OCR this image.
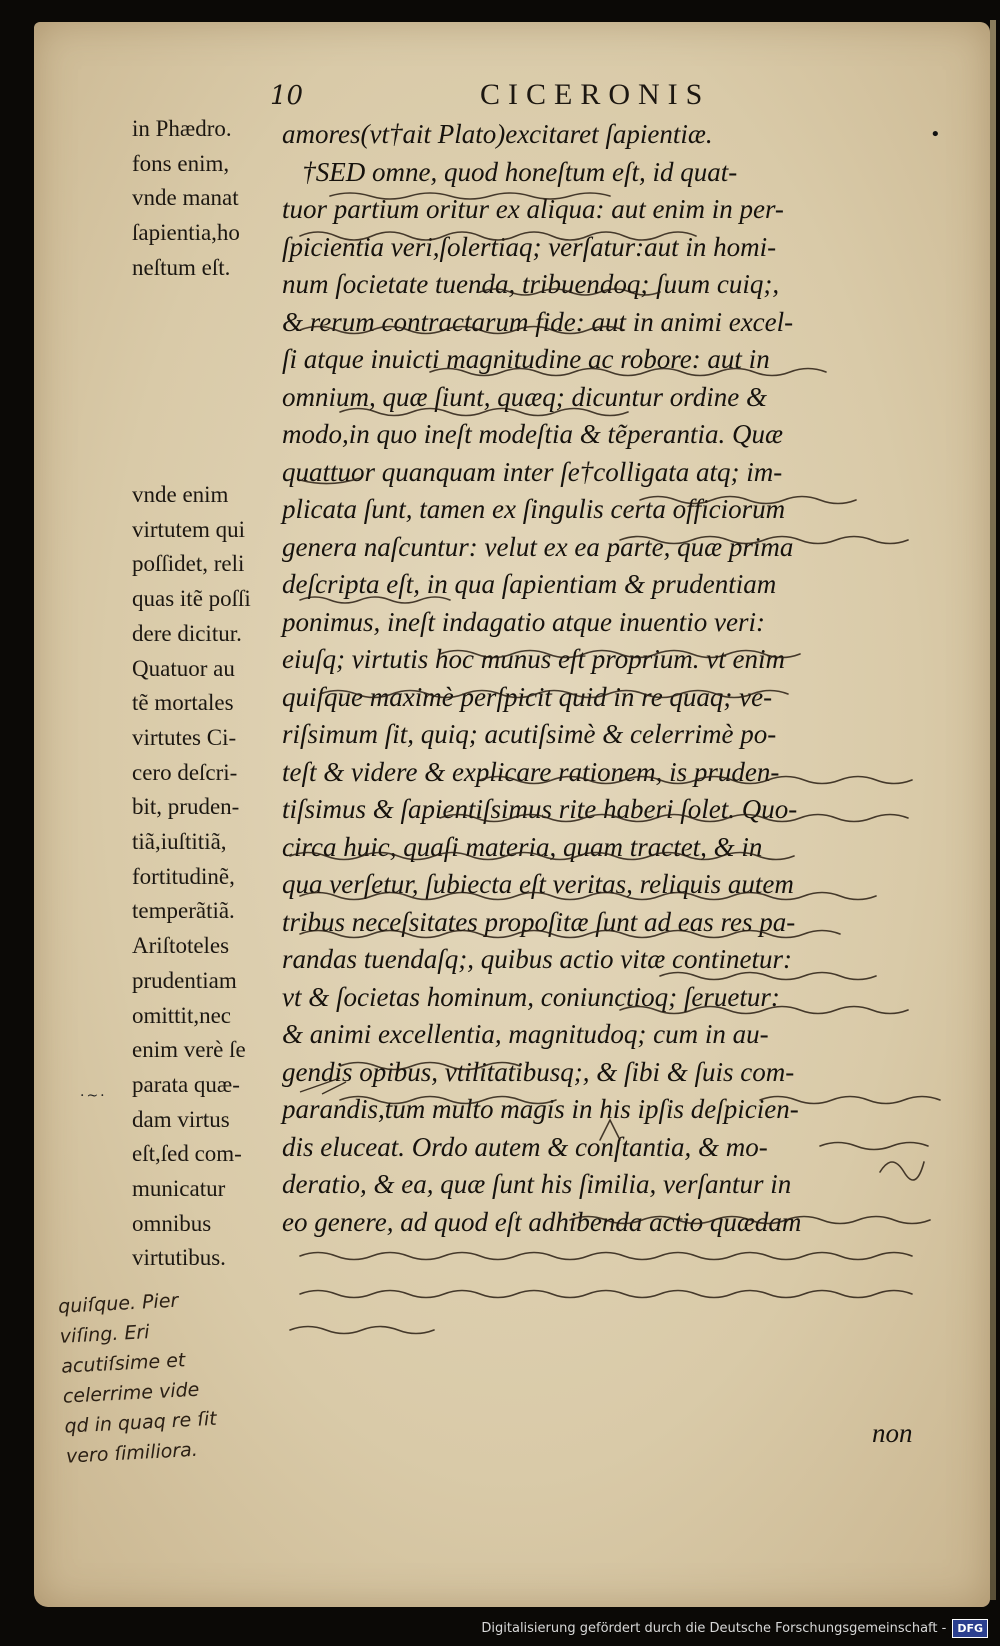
10	CICERONIS
in Phædro.
fons enim,
vnde manat
ſapientia,ho
neſtum eſt.
vnde enim
virtutem qui
poſſidet, reli
quas itẽ poſſi
dere dicitur.
Quatuor au
tẽ mortales
virtutes Ci-
cero deſcri-
bit, pruden-
tiã,iuſtitiã,
fortitudinẽ,
temperãtiã.
Ariſtoteles
prudentiam
omittit,nec
enim verè ſe
parata quæ-
dam virtus
eſt,ſed com-
municatur
omnibus
virtutibus.
amores(vt†ait Plato)excitaret ſapientiæ.
†SED omne, quod honeſtum eſt, id quat-
tuor partium oritur ex aliqua: aut enim in per-
ſpicientia veri,ſolertiaq; verſatur:aut in homi-
num ſocietate tuenda, tribuendoq; ſuum cuiq;,
& rerum contractarum fide: aut in animi excel-
ſi atque inuicti magnitudine ac robore: aut in
omnium, quæ ſiunt, quæq; dicuntur ordine &
modo,in quo ineſt modeſtia & tẽperantia. Quæ
quattuor quanquam inter ſe†colligata atq; im-
plicata ſunt, tamen ex ſingulis certa officiorum
genera naſcuntur: velut ex ea parte, quæ prima
deſcripta eſt, in qua ſapientiam & prudentiam
ponimus, ineſt indagatio atque inuentio veri:
eiuſq; virtutis hoc munus eſt proprium. vt enim
quiſque maximè perſpicit quid in re quaq; ve-
riſsimum ſit, quiq; acutiſsimè & celerrimè po-
teſt & videre & explicare rationem, is pruden-
tiſsimus & ſapientiſsimus rite haberi ſolet. Quo-
circa huic, quaſi materia, quam tractet, & in
qua verſetur, ſubiecta eſt veritas, reliquis autem
tribus neceſsitates propoſitæ ſunt ad eas res pa-
randas tuendaſq;, quibus actio vitæ continetur:
vt & ſocietas hominum, coniunctioq; ſeruetur:
& animi excellentia, magnitudoq; cum in au-
gendis opibus, vtilitatibusq;, & ſibi & ſuis com-
parandis,tum multo magis in his ipſis deſpicien-
dis eluceat. Ordo autem & conſtantia, & mo-
deratio, & ea, quæ ſunt his ſimilia, verſantur in
eo genere, ad quod eſt adhibenda actio quædam
non
•
·~·
quiſque. Pier
viſing. Eri
acutiſsime et
celerrime vide
qd in quaq re ſit
vero ſimiliora.
Digitalisierung gefördert durch die Deutsche Forschungsgemeinschaft -	DFG
